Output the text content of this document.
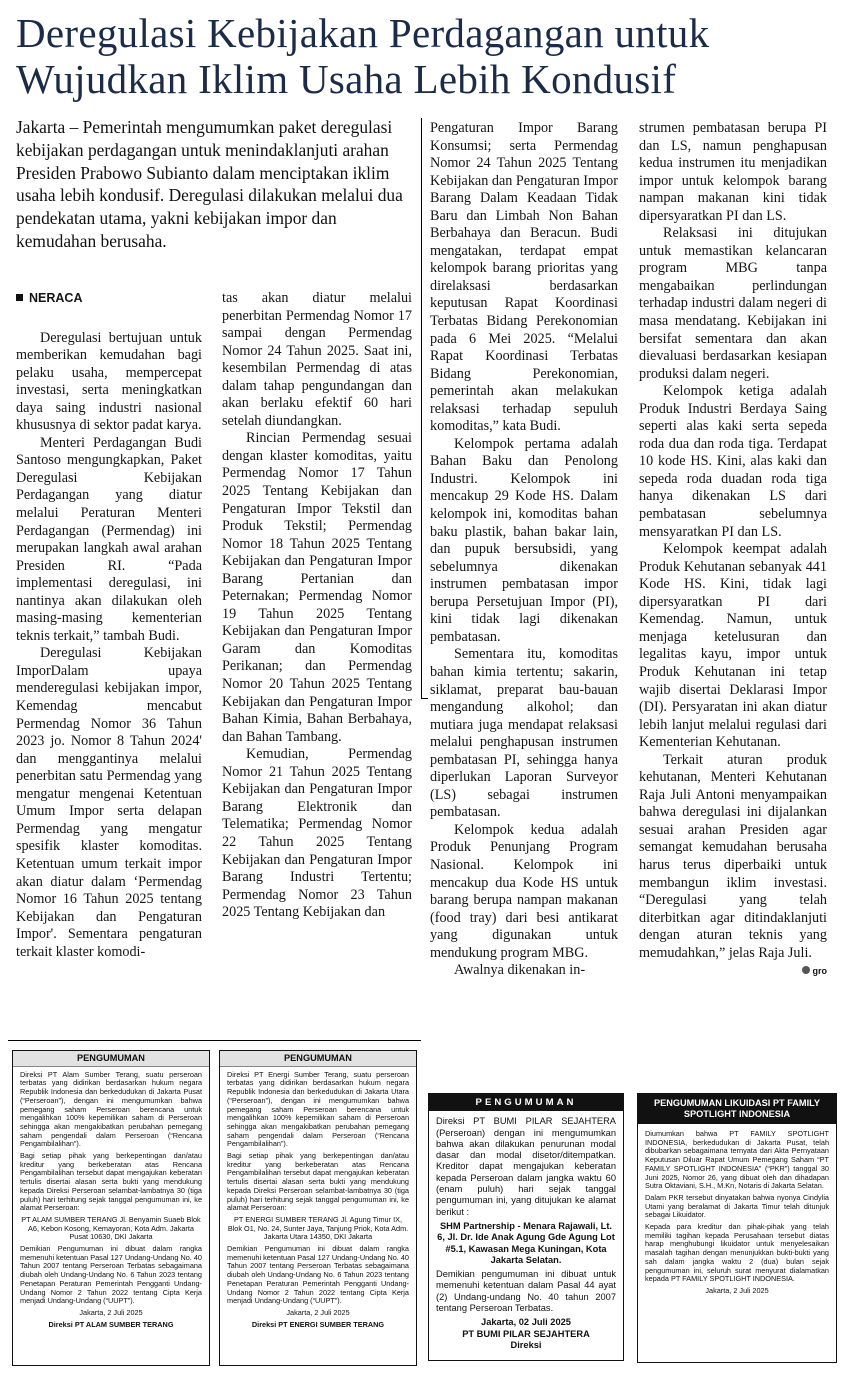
Deregulasi Kebijakan Perdagangan untuk
Wujudkan Iklim Usaha Lebih Kondusif
Jakarta – Pemerintah mengumumkan paket deregulasi kebijakan perdagangan untuk menindaklanjuti arahan Presiden Prabowo Subianto dalam menciptakan iklim usaha lebih kondusif. Deregulasi dilakukan melalui dua pendekatan utama, yakni kebijakan impor dan kemudahan berusaha.
NERACA

Deregulasi bertujuan untuk memberikan kemudahan bagi pelaku usaha, mempercepat investasi, serta meningkatkan daya saing industri nasional khususnya di sektor padat karya.

Menteri Perdagangan Budi Santoso mengungkapkan, Paket Deregulasi Kebijakan Perdagangan yang diatur melalui Peraturan Menteri Perdagangan (Permendag) ini merupakan langkah awal arahan Presiden RI. “Pada implementasi deregulasi, ini nantinya akan dilakukan oleh masing-masing kementerian teknis terkait,” tambah Budi.

Deregulasi Kebijakan ImporDalam upaya menderegulasi kebijakan impor, Kemendag mencabut Permendag Nomor 36 Tahun 2023 jo. Nomor 8 Tahun 2024' dan menggantinya melalui penerbitan satu Permendag yang mengatur mengenai Ketentuan Umum Impor serta delapan Permendag yang mengatur spesifik klaster komoditas. Ketentuan umum terkait impor akan diatur dalam ‘Permendag Nomor 16 Tahun 2025 tentang Kebijakan dan Pengaturan Impor'. Sementara pengaturan terkait klaster komodi-

tas akan diatur melalui penerbitan Permendag Nomor 17 sampai dengan Permendag Nomor 24 Tahun 2025. Saat ini, kesembilan Permendag di atas dalam tahap pengundangan dan akan berlaku efektif 60 hari setelah diundangkan.

Rincian Permendag sesuai dengan klaster komoditas, yaitu Permendag Nomor 17 Tahun 2025 Tentang Kebijakan dan Pengaturan Impor Tekstil dan Produk Tekstil; Permendag Nomor 18 Tahun 2025 Tentang Kebijakan dan Pengaturan Impor Barang Pertanian dan Peternakan; Permendag Nomor 19 Tahun 2025 Tentang Kebijakan dan Pengaturan Impor Garam dan Komoditas Perikanan; dan Permendag Nomor 20 Tahun 2025 Tentang Kebijakan dan Pengaturan Impor Bahan Kimia, Bahan Berbahaya, dan Bahan Tambang.

Kemudian, Permendag Nomor 21 Tahun 2025 Tentang Kebijakan dan Pengaturan Impor Barang Elektronik dan Telematika; Permendag Nomor 22 Tahun 2025 Tentang Kebijakan dan Pengaturan Impor Barang Industri Tertentu; Permendag Nomor 23 Tahun 2025 Tentang Kebijakan dan

Pengaturan Impor Barang Konsumsi; serta Permendag Nomor 24 Tahun 2025 Tentang Kebijakan dan Pengaturan Impor Barang Dalam Keadaan Tidak Baru dan Limbah Non Bahan Berbahaya dan Beracun. Budi mengatakan, terdapat empat kelompok barang prioritas yang direlaksasi berdasarkan keputusan Rapat Koordinasi Terbatas Bidang Perekonomian pada 6 Mei 2025. “Melalui Rapat Koordinasi Terbatas Bidang Perekonomian, pemerintah akan melakukan relaksasi terhadap sepuluh komoditas,” kata Budi.

Kelompok pertama adalah Bahan Baku dan Penolong Industri. Kelompok ini mencakup 29 Kode HS. Dalam kelompok ini, komoditas bahan baku plastik, bahan bakar lain, dan pupuk bersubsidi, yang sebelumnya dikenakan instrumen pembatasan impor berupa Persetujuan Impor (PI), kini tidak lagi dikenakan pembatasan.

Sementara itu, komoditas bahan kimia tertentu; sakarin, siklamat, preparat bau-bauan mengandung alkohol; dan mutiara juga mendapat relaksasi melalui penghapusan instrumen pembatasan PI, sehingga hanya diperlukan Laporan Surveyor (LS) sebagai instrumen pembatasan.

Kelompok kedua adalah Produk Penunjang Program Nasional. Kelompok ini mencakup dua Kode HS untuk barang berupa nampan makanan (food tray) dari besi antikarat yang digunakan untuk mendukung program MBG.

Awalnya dikenakan in-

strumen pembatasan berupa PI dan LS, namun penghapusan kedua instrumen itu menjadikan impor untuk kelompok barang nampan makanan kini tidak dipersyaratkan PI dan LS.

Relaksasi ini ditujukan untuk memastikan kelancaran program MBG tanpa mengabaikan perlindungan terhadap industri dalam negeri di masa mendatang. Kebijakan ini bersifat sementara dan akan dievaluasi berdasarkan kesiapan produksi dalam negeri.

Kelompok ketiga adalah Produk Industri Berdaya Saing seperti alas kaki serta sepeda roda dua dan roda tiga. Terdapat 10 kode HS. Kini, alas kaki dan sepeda roda duadan roda tiga hanya dikenakan LS dari pembatasan sebelumnya mensyaratkan PI dan LS.

Kelompok keempat adalah Produk Kehutanan sebanyak 441 Kode HS. Kini, tidak lagi dipersyaratkan PI dari Kemendag. Namun, untuk menjaga ketelusuran dan legalitas kayu, impor untuk Produk Kehutanan ini tetap wajib disertai Deklarasi Impor (DI). Persyaratan ini akan diatur lebih lanjut melalui regulasi dari Kementerian Kehutanan.

Terkait aturan produk kehutanan, Menteri Kehutanan Raja Juli Antoni menyampaikan bahwa deregulasi ini dijalankan sesuai arahan Presiden agar semangat kemudahan berusaha harus terus diperbaiki untuk membangun iklim investasi. “Deregulasi yang telah diterbitkan agar ditindaklanjuti dengan aturan teknis yang memudahkan,” jelas Raja Juli.

gro

PENGUMUMAN

Direksi PT Alam Sumber Terang, suatu perseroan terbatas yang didirikan berdasarkan hukum negara Republik Indonesia dan berkedudukan di Jakarta Pusat (“Perseroan”), dengan ini mengumumkan bahwa pemegang saham Perseroan berencana untuk mengalihkan 100% kepemilikan saham di Perseroan sehingga akan mengakibatkan perubahan pemegang saham pengendali dalam Perseroan (“Rencana Pengambilalihan”).

Bagi setiap pihak yang berkepentingan dan/atau kreditur yang berkeberatan atas Rencana Pengambilalihan tersebut dapat mengajukan keberatan tertulis disertai alasan serta bukti yang mendukung kepada Direksi Perseroan selambat-lambatnya 30 (tiga puluh) hari terhitung sejak tanggal pengumuman ini, ke alamat Perseroan:

PT ALAM SUMBER TERANG Jl. Benyamin Suaeb Blok A6, Kebon Kosong, Kemayoran, Kota Adm. Jakarta Pusat 10630, DKI Jakarta

Demikian Pengumuman ini dibuat dalam rangka memenuhi ketentuan Pasal 127 Undang-Undang No. 40 Tahun 2007 tentang Perseroan Terbatas sebagaimana diubah oleh Undang-Undang No. 6 Tahun 2023 tentang Penetapan Peraturan Pemerintah Pengganti Undang-Undang Nomor 2 Tahun 2022 tentang Cipta Kerja menjadi Undang-Undang (“UUPT”).

Jakarta, 2 Juli 2025

Direksi PT ALAM SUMBER TERANG

PENGUMUMAN

Direksi PT Energi Sumber Terang, suatu perseroan terbatas yang didirikan berdasarkan hukum negara Republik Indonesia dan berkedudukan di Jakarta Utara (“Perseroan”), dengan ini mengumumkan bahwa pemegang saham Perseroan berencana untuk mengalihkan 100% kepemilikan saham di Perseroan sehingga akan mengakibatkan perubahan pemegang saham pengendali dalam Perseroan (“Rencana Pengambilalihan”).

Bagi setiap pihak yang berkepentingan dan/atau kreditur yang berkeberatan atas Rencana Pengambilalihan tersebut dapat mengajukan keberatan tertulis disertai alasan serta bukti yang mendukung kepada Direksi Perseroan selambat-lambatnya 30 (tiga puluh) hari terhitung sejak tanggal pengumuman ini, ke alamat Perseroan:

PT ENERGI SUMBER TERANG Jl. Agung Timur IX, Blok O1, No. 24, Sunter Jaya, Tanjung Priok, Kota Adm. Jakarta Utara 14350, DKI Jakarta

Demikian Pengumuman ini dibuat dalam rangka memenuhi ketentuan Pasal 127 Undang-Undang No. 40 Tahun 2007 tentang Perseroan Terbatas sebagaimana diubah oleh Undang-Undang No. 6 Tahun 2023 tentang Penetapan Peraturan Pemerintah Pengganti Undang-Undang Nomor 2 Tahun 2022 tentang Cipta Kerja menjadi Undang-Undang (“UUPT”).

Jakarta, 2 Juli 2025

Direksi PT ENERGI SUMBER TERANG

PENGUMUMAN

Direksi PT BUMI PILAR SEJAHTERA (Perseroan) dengan ini mengumumkan bahwa akan dilakukan penurunan modal dasar dan modal disetor/ditempatkan. Kreditor dapat mengajukan keberatan kepada Perseroan dalam jangka waktu 60 (enam puluh) hari sejak tanggal pengumuman ini, yang ditujukan ke alamat berikut :

SHM Partnership - Menara Rajawali, Lt. 6, Jl. Dr. Ide Anak Agung Gde Agung Lot #5.1, Kawasan Mega Kuningan, Kota Jakarta Selatan.

Demikian pengumuman ini dibuat untuk memenuhi ketentuan dalam Pasal 44 ayat (2) Undang-undang No. 40 tahun 2007 tentang Perseroan Terbatas.

Jakarta, 02 Juli 2025

PT BUMI PILAR SEJAHTERA

Direksi

PENGUMUMAN LIKUIDASI PT FAMILY SPOTLIGHT INDONESIA

Diumumkan bahwa PT FAMILY SPOTLIGHT INDONESIA, berkedudukan di Jakarta Pusat, telah dibubarkan sebagaimana ternyata dari Akta Pernyataan Keputusan Diluar Rapat Umum Pemegang Saham “PT FAMILY SPOTLIGHT INDONESIA” (“PKR”) tanggal 30 Juni 2025, Nomor 26, yang dibuat oleh dan dihadapan Sutra Oktaviani, S.H., M.Kn, Notaris di Jakarta Selatan.

Dalam PKR tersebut dinyatakan bahwa nyonya Cindylia Utami yang beralamat di Jakarta Timur telah ditunjuk sebagai Likuidator.

Kepada para kreditur dan pihak-pihak yang telah memiliki tagihan kepada Perusahaan tersebut diatas harap menghubungi likuidator untuk menyelesaikan masalah tagihan dengan menunjukkan bukti-bukti yang sah dalam jangka waktu 2 (dua) bulan sejak pengumuman ini, seluruh surat menyurat dialamatkan kepada PT FAMILY SPOTLIGHT INDONESIA.

Jakarta, 2 Juli 2025
